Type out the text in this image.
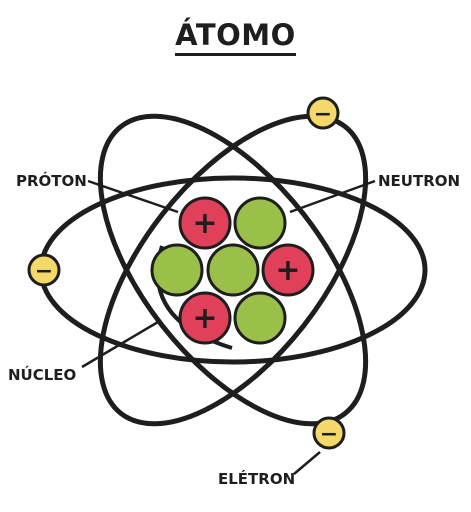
ÁTOMO
+
+
+
−
−
−
PRÓTON	NEUTRON
NÚCLEO
ELÉTRON
